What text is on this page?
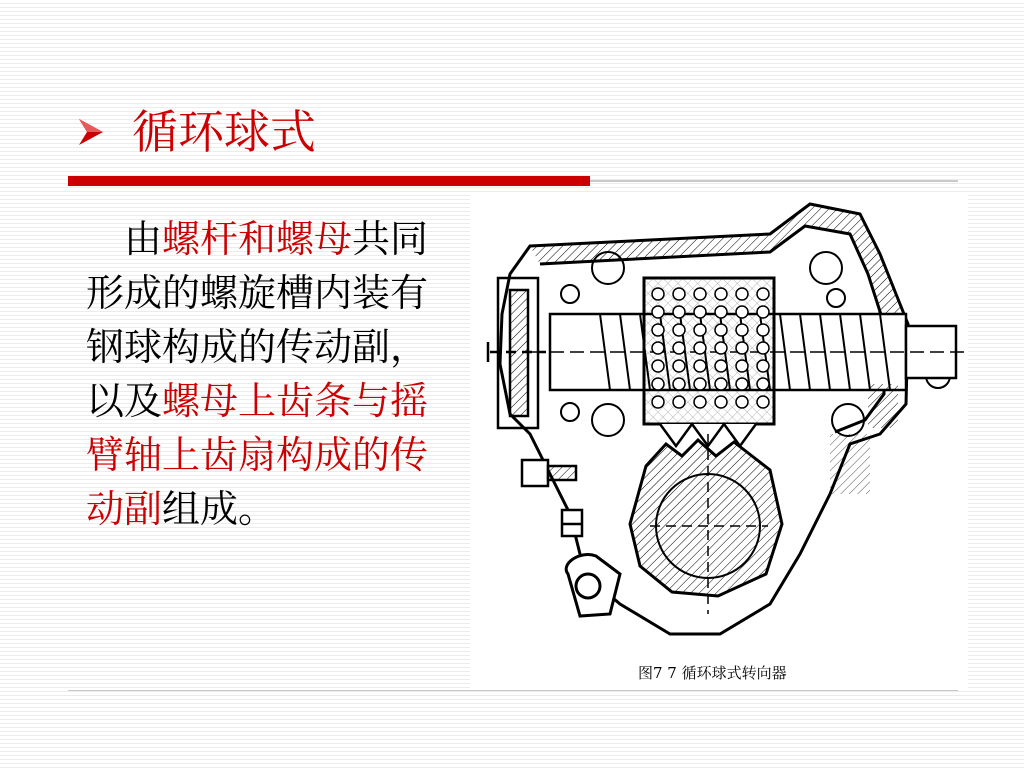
循环球式
由螺杆和螺母共同形成的螺旋槽内装有钢球构成的传动副，以及螺母上齿条与摇臂轴上齿扇构成的传动副组成。
图7 7 循环球式转向器
